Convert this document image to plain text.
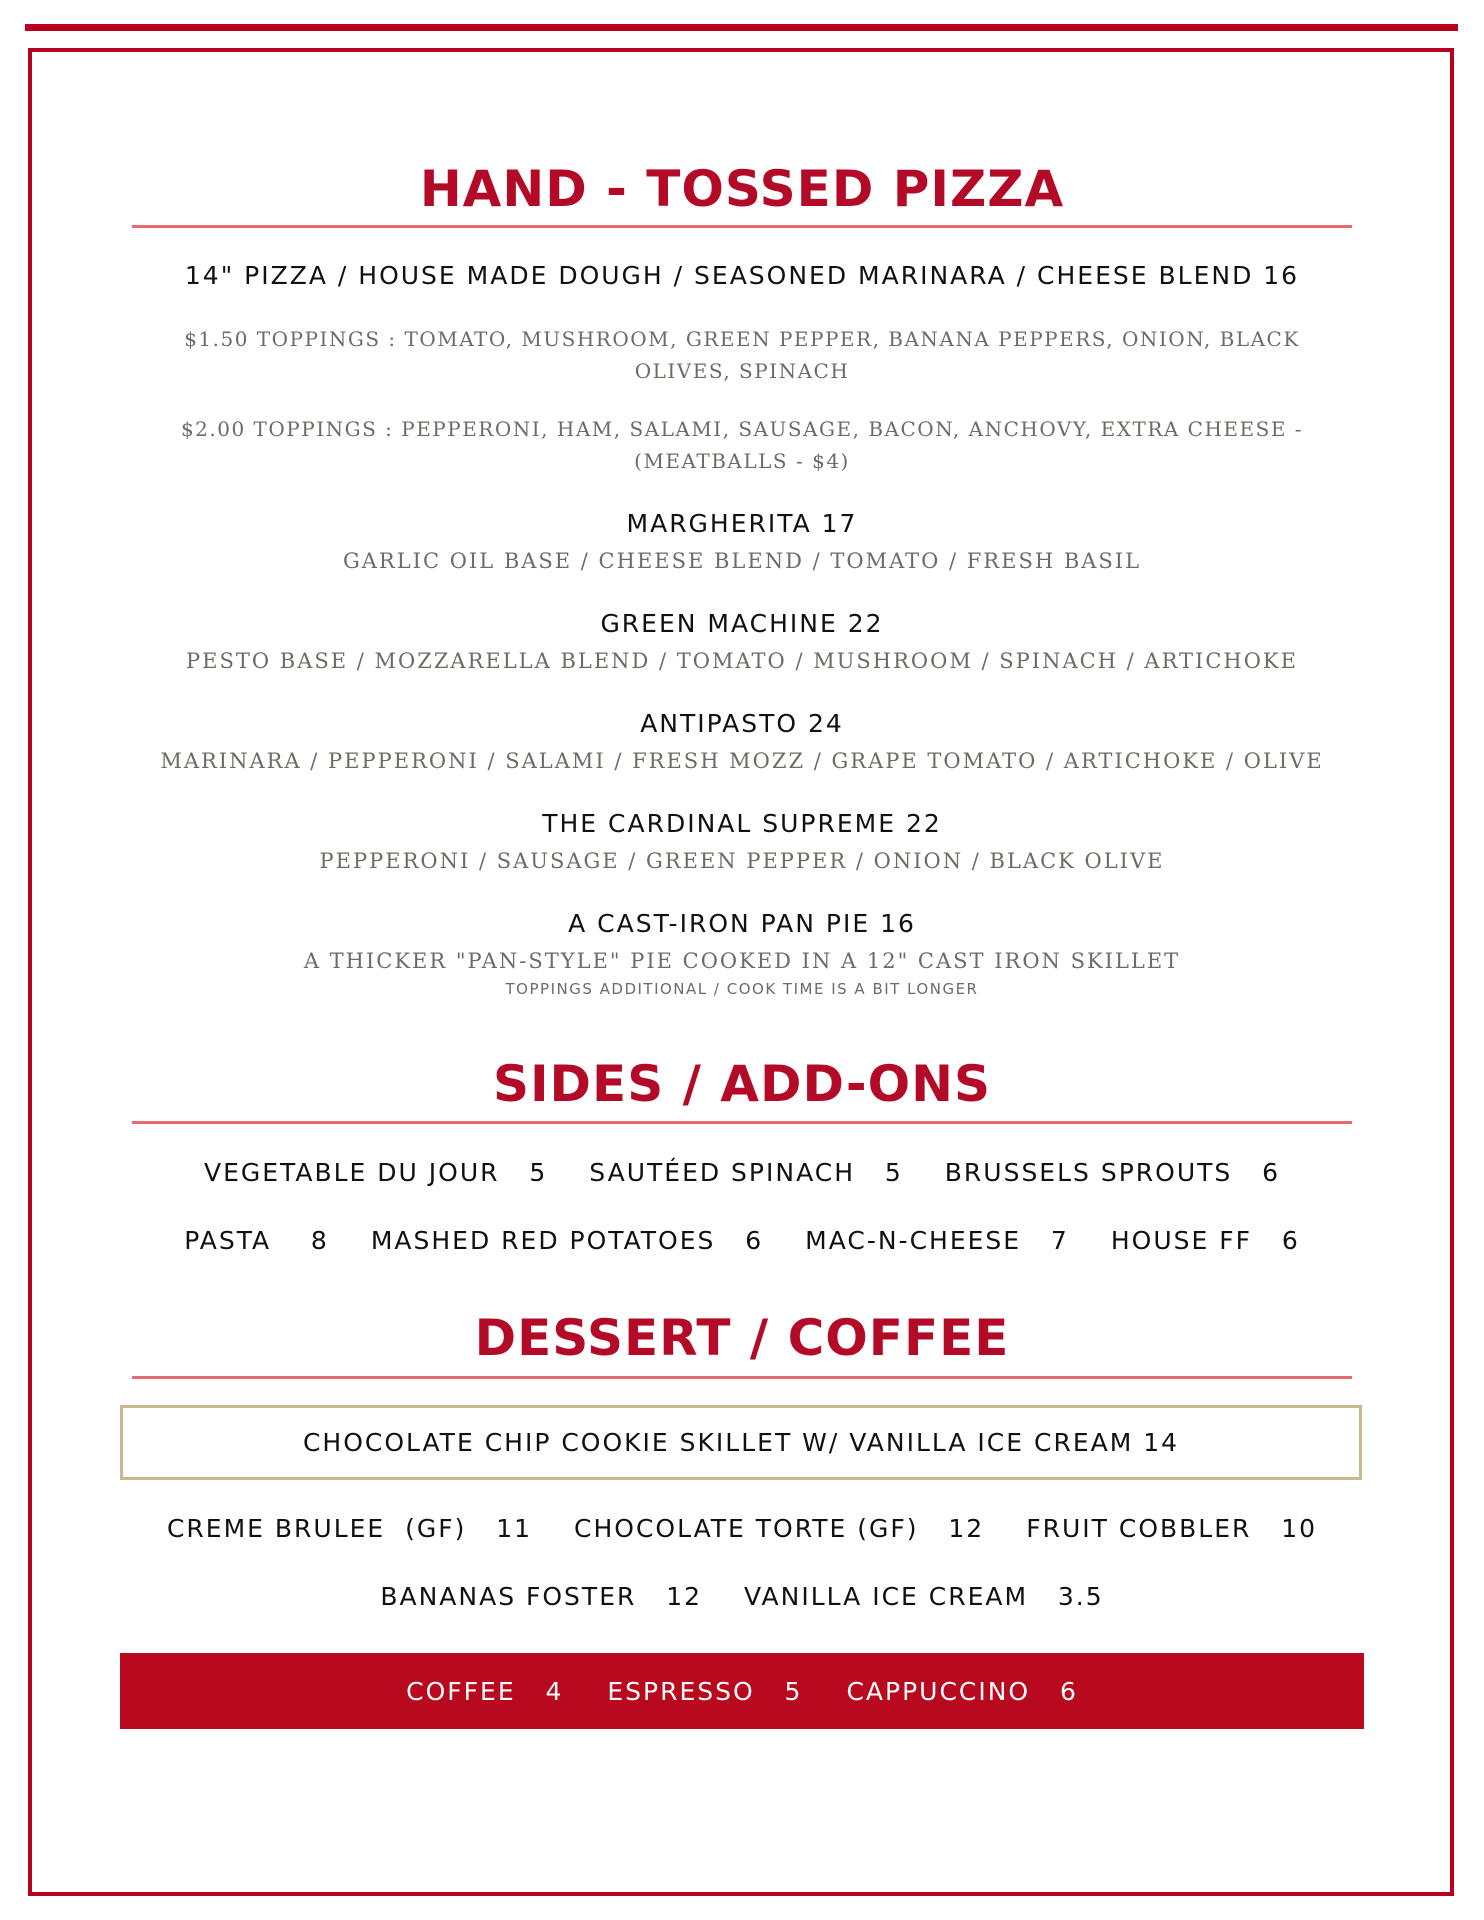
HAND - TOSSED PIZZA

14" PIZZA / HOUSE MADE DOUGH / SEASONED MARINARA / CHEESE BLEND 16

$1.50 TOPPINGS : TOMATO, MUSHROOM, GREEN PEPPER, BANANA PEPPERS, ONION, BLACK OLIVES, SPINACH

$2.00 TOPPINGS : PEPPERONI, HAM, SALAMI, SAUSAGE, BACON, ANCHOVY, EXTRA CHEESE - (MEATBALLS - $4)

MARGHERITA 17

GARLIC OIL BASE / CHEESE BLEND / TOMATO / FRESH BASIL

GREEN MACHINE 22

PESTO BASE / MOZZARELLA BLEND / TOMATO / MUSHROOM / SPINACH / ARTICHOKE

ANTIPASTO 24

MARINARA / PEPPERONI / SALAMI / FRESH MOZZ / GRAPE TOMATO / ARTICHOKE / OLIVE

THE CARDINAL SUPREME 22

PEPPERONI / SAUSAGE / GREEN PEPPER / ONION / BLACK OLIVE

A CAST-IRON PAN PIE 16

A THICKER "PAN-STYLE" PIE COOKED IN A 12" CAST IRON SKILLET

TOPPINGS ADDITIONAL / COOK TIME IS A BIT LONGER

SIDES / ADD-ONS
VEGETABLE DU JOUR   5 SAUTÉED SPINACH   5 BRUSSELS SPROUTS   6
PASTA    8 MASHED RED POTATOES   6 MAC-N-CHEESE   7 HOUSE FF   6
DESSERT / COFFEE
CHOCOLATE CHIP COOKIE SKILLET W/ VANILLA ICE CREAM 14
CREME BRULEE  (GF)   11 CHOCOLATE TORTE (GF)   12 FRUIT COBBLER   10
BANANAS FOSTER   12 VANILLA ICE CREAM   3.5
COFFEE   4 ESPRESSO   5 CAPPUCCINO   6
